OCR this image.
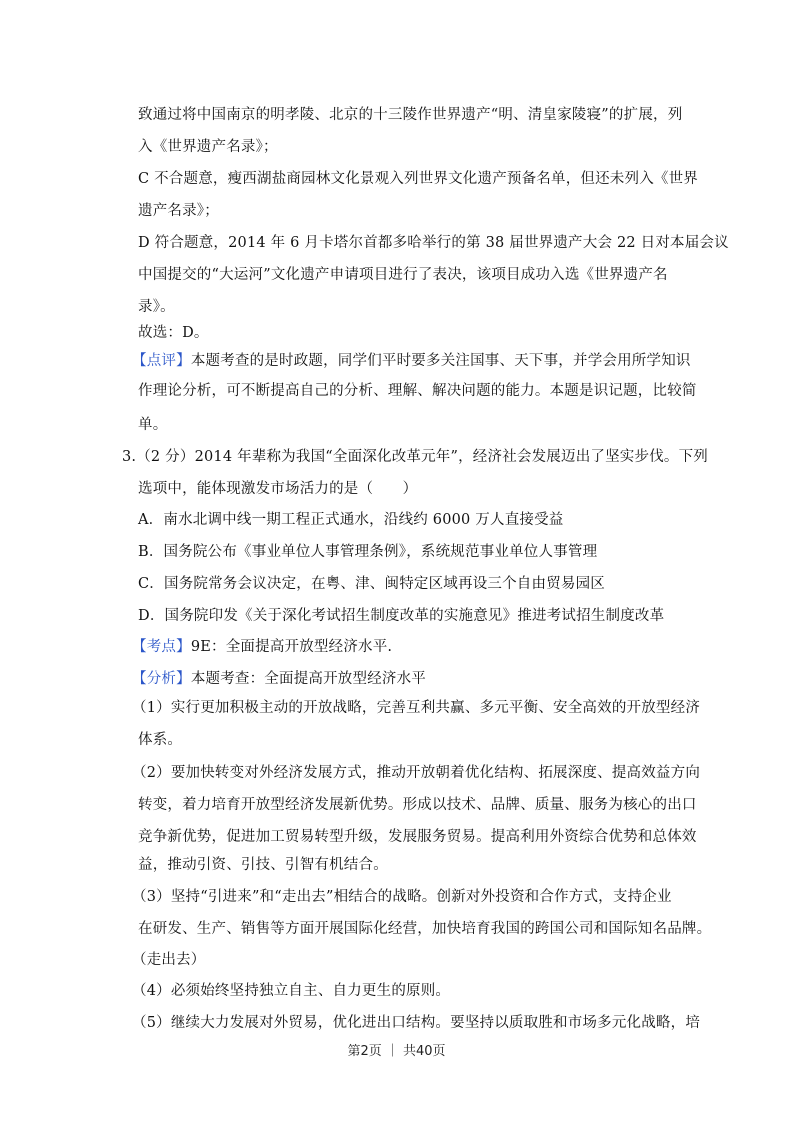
致通过将中国南京的明孝陵、北京的十三陵作世界遗产“明、清皇家陵寝”的扩展，列
入《世界遗产名录》；
C 不合题意，瘦西湖盐商园林文化景观入列世界文化遗产预备名单，但还未列入《世界
遗产名录》；
D 符合题意，2014 年 6 月卡塔尔首都多哈举行的第 38 届世界遗产大会 22 日对本届会议
中国提交的“大运河”文化遗产申请项目进行了表决，该项目成功入选《世界遗产名
录》。
故选：D。
【点评】本题考查的是时政题，同学们平时要多关注国事、天下事，并学会用所学知识
作理论分析，可不断提高自己的分析、理解、解决问题的能力。本题是识记题，比较简
单。
3.（2 分）2014 年辈称为我国“全面深化改革元年”，经济社会发展迈出了坚实步伐。下列
选项中，能体现激发市场活力的是（　　）
A．南水北调中线一期工程正式通水，沿线约 6000 万人直接受益
B．国务院公布《事业单位人事管理条例》，系统规范事业单位人事管理
C．国务院常务会议决定，在粤、津、闽特定区域再设三个自由贸易园区
D．国务院印发《关于深化考试招生制度改革的实施意见》推进考试招生制度改革
【考点】9E：全面提高开放型经济水平.
【分析】本题考查：全面提高开放型经济水平
（1）实行更加积极主动的开放战略，完善互利共赢、多元平衡、安全高效的开放型经济
体系。
（2）要加快转变对外经济发展方式，推动开放朝着优化结构、拓展深度、提高效益方向
转变，着力培育开放型经济发展新优势。形成以技术、品牌、质量、服务为核心的出口
竞争新优势，促进加工贸易转型升级，发展服务贸易。提高利用外资综合优势和总体效
益，推动引资、引技、引智有机结合。
（3）坚持“引进来”和“走出去”相结合的战略。创新对外投资和合作方式，支持企业
在研发、生产、销售等方面开展国际化经营，加快培育我国的跨国公司和国际知名品牌。
（走出去）
（4）必须始终坚持独立自主、自力更生的原则。
（5）继续大力发展对外贸易，优化进出口结构。要坚持以质取胜和市场多元化战略，培
第2页 ｜ 共40页
